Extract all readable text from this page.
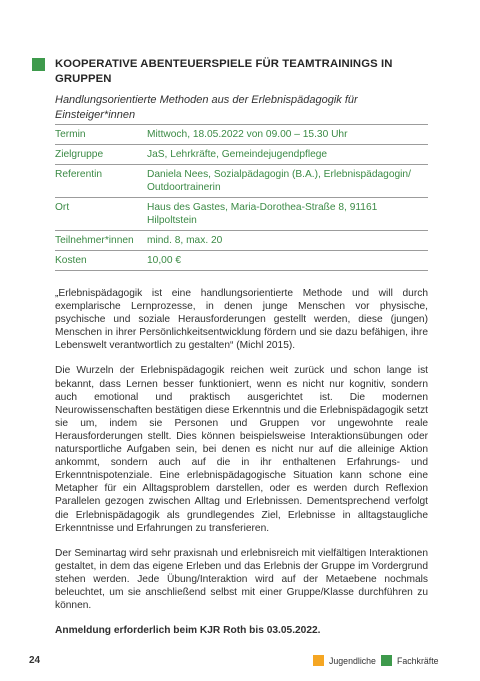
KOOPERATIVE ABENTEUERSPIELE FÜR TEAMTRAININGS IN GRUPPEN
Handlungsorientierte Methoden aus der Erlebnispädagogik für Einsteiger*innen
Termin	Mittwoch, 18.05.2022 von 09.00 – 15.30 Uhr
Zielgruppe	JaS, Lehrkräfte, Gemeindejugendpflege
Referentin	Daniela Nees, Sozialpädagogin (B.A.), Erlebnispädagogin/ Outdoortrainerin
Ort	Haus des Gastes, Maria-Dorothea-Straße 8, 91161 Hilpoltstein
Teilnehmer*innen	mind. 8, max. 20
Kosten	10,00 €

„Erlebnispädagogik ist eine handlungsorientierte Methode und will durch exemplarische Lernprozesse, in denen junge Menschen vor physische, psychische und soziale Herausforderungen gestellt werden, diese (jungen) Menschen in ihrer Persönlichkeitsentwicklung fördern und sie dazu befähigen, ihre Lebenswelt verantwortlich zu gestalten“ (Michl 2015).

Die Wurzeln der Erlebnispädagogik reichen weit zurück und schon lange ist bekannt, dass Lernen besser funktioniert, wenn es nicht nur kognitiv, sondern auch emotional und praktisch ausgerichtet ist. Die modernen Neurowissenschaften bestätigen diese Erkenntnis und die Erlebnispädagogik setzt sie um, indem sie Personen und Gruppen vor ungewohnte reale Herausforderungen stellt. Dies können beispielsweise Interaktionsübungen oder natursportliche Aufgaben sein, bei denen es nicht nur auf die alleinige Aktion ankommt, sondern auch auf die in ihr enthaltenen Erfahrungs- und Erkenntnispotenziale. Eine erlebnispädagogische Situation kann schone eine Metapher für ein Alltagsproblem darstellen, oder es werden durch Reflexion Parallelen gezogen zwischen Alltag und Erlebnissen. Dementsprechend verfolgt die Erlebnispädagogik als grundlegendes Ziel, Erlebnisse in alltagstaugliche Erkenntnisse und Erfahrungen zu transferieren.

Der Seminartag wird sehr praxisnah und erlebnisreich mit vielfältigen Interaktionen gestaltet, in dem das eigene Erleben und das Erlebnis der Gruppe im Vordergrund stehen werden. Jede Übung/Interaktion wird auf der Metaebene nochmals beleuchtet, um sie anschließend selbst mit einer Gruppe/Klasse durchführen zu können.

Anmeldung erforderlich beim KJR Roth bis 03.05.2022.

24	Jugendliche Fachkräfte
